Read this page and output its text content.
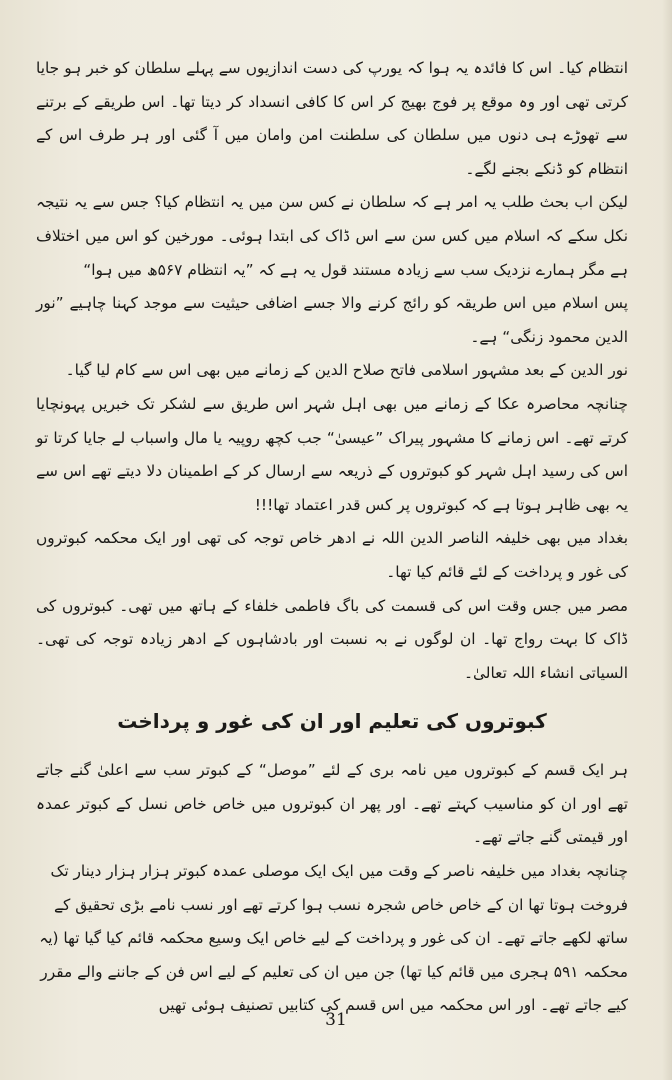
انتظام کیا۔ اس کا فائدہ یہ ہوا کہ یورپ کی دست اندازیوں سے پہلے سلطان کو خبر ہو جایا کرتی تھی اور وہ موقع پر فوج بھیج کر اس کا کافی انسداد کر دیتا تھا۔ اس طریقے کے برتنے سے تھوڑے ہی دنوں میں سلطان کی سلطنت امن وامان میں آ گئی اور ہر طرف اس کے انتظام کو ڈنکے بجنے لگے۔

لیکن اب بحث طلب یہ امر ہے کہ سلطان نے کس سن میں یہ انتظام کیا؟ جس سے یہ نتیجہ نکل سکے کہ اسلام میں کس سن سے اس ڈاک کی ابتدا ہوئی۔ مورخین کو اس میں اختلاف ہے مگر ہمارے نزدیک سب سے زیادہ مستند قول یہ ہے کہ ”یہ انتظام ۵۶۷ھ میں ہوا“

پس اسلام میں اس طریقہ کو رائج کرنے والا جسے اضافی حیثیت سے موجد کہنا چاہیے ”نور الدین محمود زنگی“ ہے۔

نور الدین کے بعد مشہور اسلامی فاتح صلاح الدین کے زمانے میں بھی اس سے کام لیا گیا۔

چنانچہ محاصرہ عکا کے زمانے میں بھی اہل شہر اس طریق سے لشکر تک خبریں پہونچایا کرتے تھے۔ اس زمانے کا مشہور پیراک ”عیسیٰ“ جب کچھ روپیہ یا مال واسباب لے جایا کرتا تو اس کی رسید اہل شہر کو کبوتروں کے ذریعہ سے ارسال کر کے اطمینان دلا دیتے تھے اس سے یہ بھی ظاہر ہوتا ہے کہ کبوتروں پر کس قدر اعتماد تھا!!!

بغداد میں بھی خلیفہ الناصر الدین اللہ نے ادھر خاص توجہ کی تھی اور ایک محکمہ کبوتروں کی غور و پرداخت کے لئے قائم کیا تھا۔

مصر میں جس وقت اس کی قسمت کی باگ فاطمی خلفاء کے ہاتھ میں تھی۔ کبوتروں کی ڈاک کا بہت رواج تھا۔ ان لوگوں نے بہ نسبت اور بادشاہوں کے ادھر زیادہ توجہ کی تھی۔ السیاتی انشاء اللہ تعالیٰ۔

کبوتروں کی تعلیم اور ان کی غور و پرداخت

ہر ایک قسم کے کبوتروں میں نامہ بری کے لئے ”موصل“ کے کبوتر سب سے اعلیٰ گنے جاتے تھے اور ان کو مناسیب کہتے تھے۔ اور پھر ان کبوتروں میں خاص خاص نسل کے کبوتر عمدہ اور قیمتی گنے جاتے تھے۔

چنانچہ بغداد میں خلیفہ ناصر کے وقت میں ایک ایک موصلی عمدہ کبوتر ہزار ہزار دینار تک فروخت ہوتا تھا ان کے خاص خاص شجرہ نسب ہوا کرتے تھے اور نسب نامے بڑی تحقیق کے ساتھ لکھے جاتے تھے۔ ان کی غور و پرداخت کے لیے خاص ایک وسیع محکمہ قائم کیا گیا تھا (یہ محکمہ ۵۹۱ ہجری میں قائم کیا تھا) جن میں ان کی تعلیم کے لیے اس فن کے جاننے والے مقرر کیے جاتے تھے۔ اور اس محکمہ میں اس قسم کی کتابیں تصنیف ہوئی تھیں

31
